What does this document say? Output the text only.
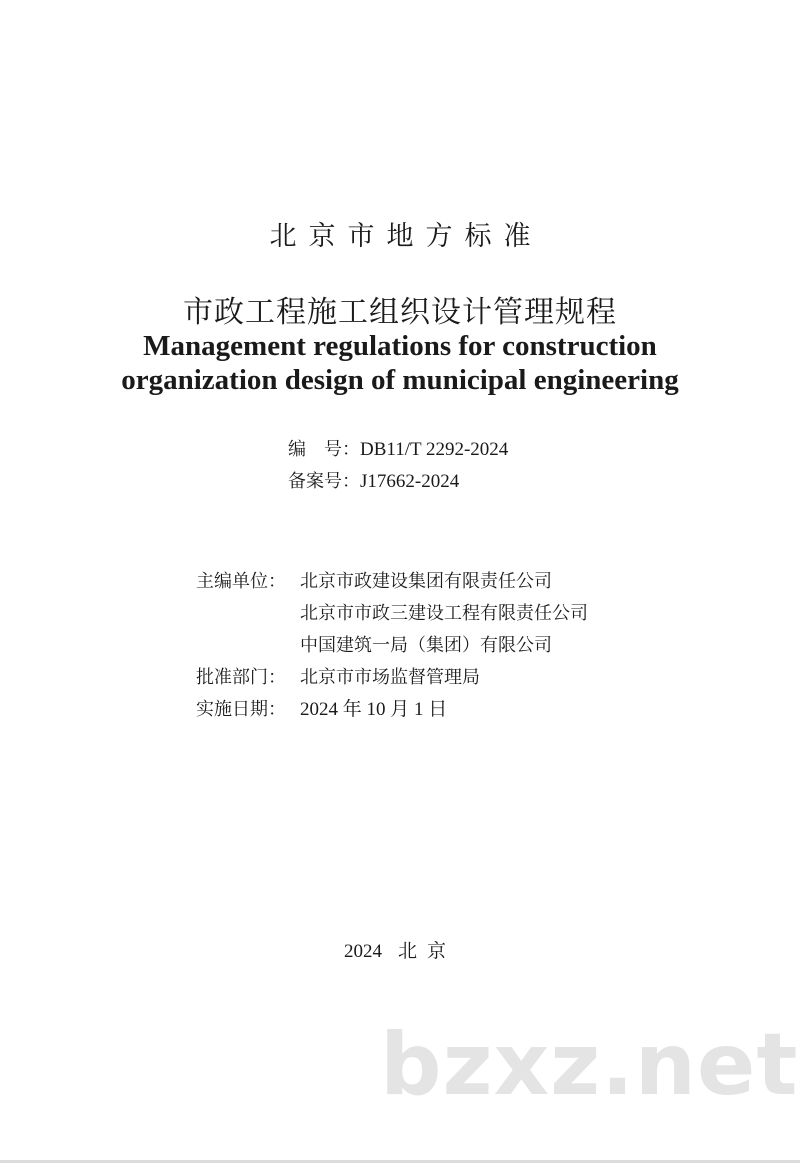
北京市地方标准
市政工程施工组织设计管理规程
Management regulations for construction
organization design of municipal engineering
编　号：DB11/T 2292-2024
备案号：J17662-2024
主编单位： 北京市政建设集团有限责任公司
北京市市政三建设工程有限责任公司
中国建筑一局（集团）有限公司
批准部门： 北京市市场监督管理局
实施日期： 2024 年 10 月 1 日
2024 北京
bzxz.net
